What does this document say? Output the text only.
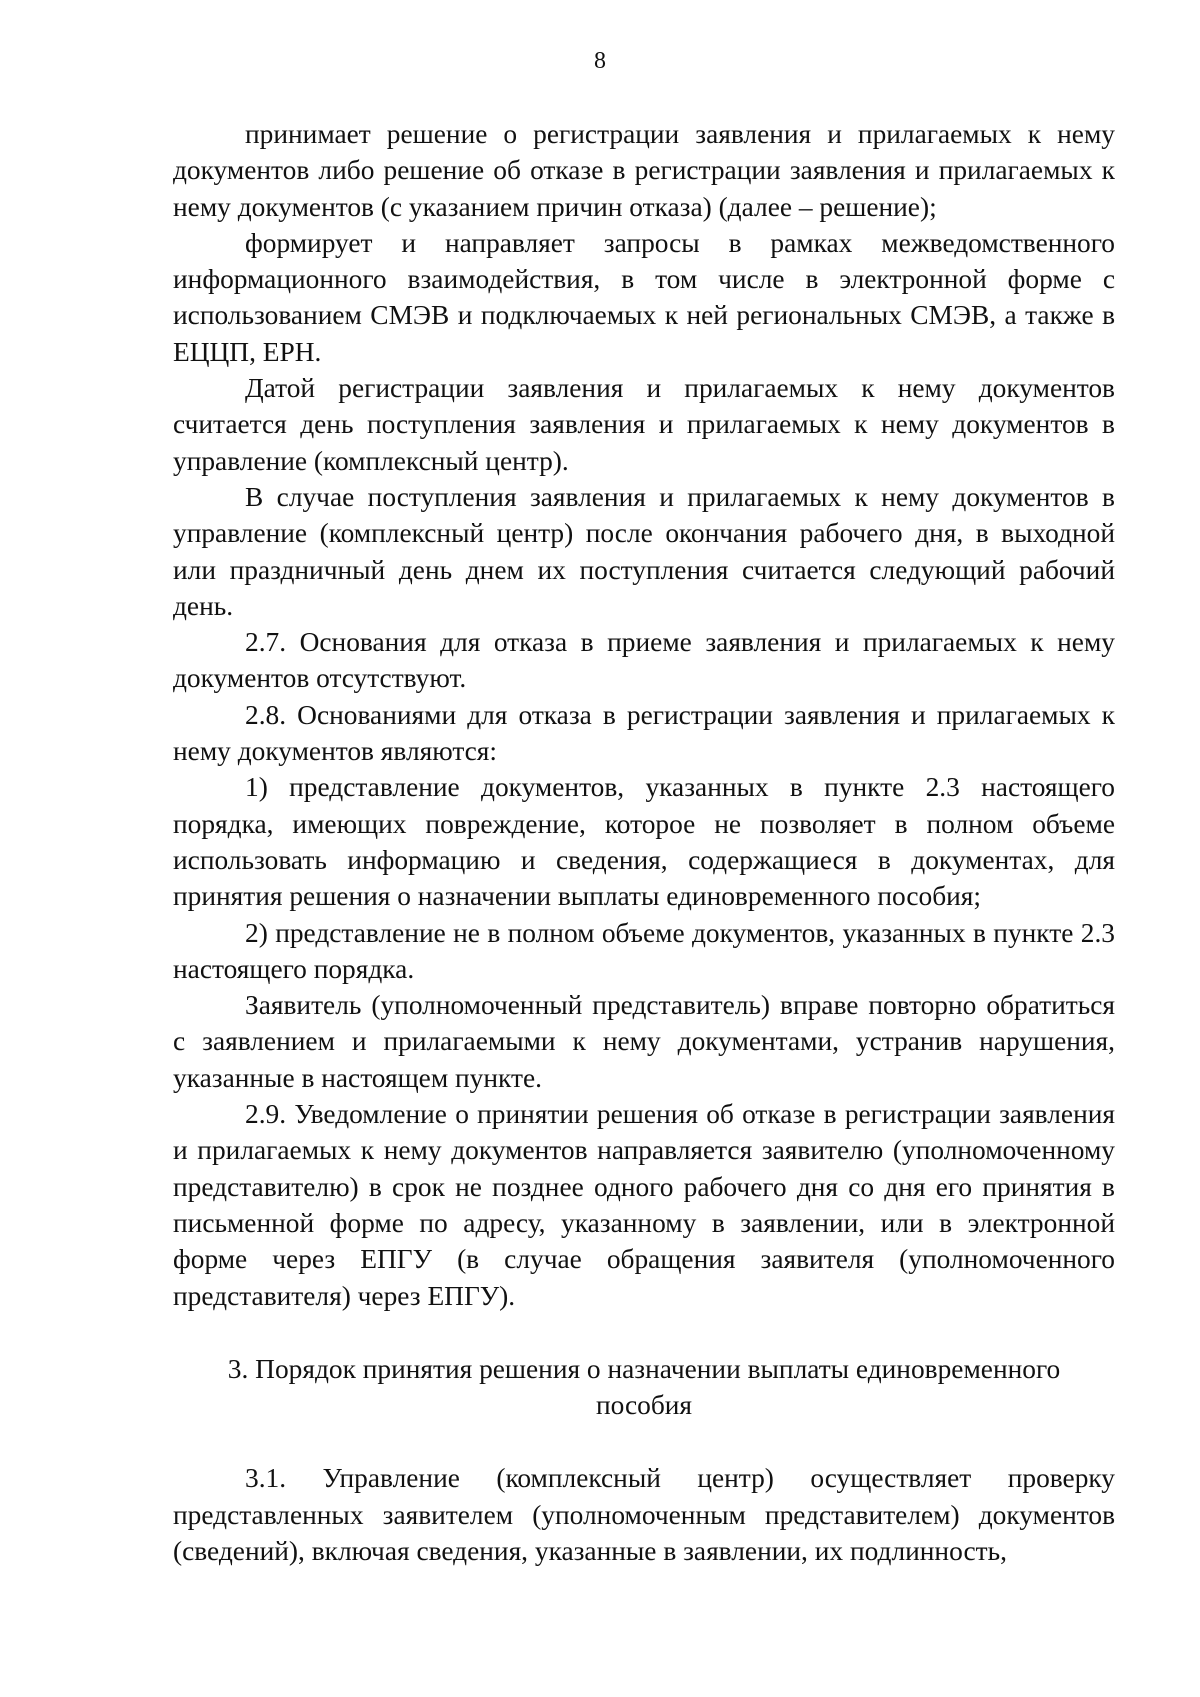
8

принимает решение о регистрации заявления и прилагаемых к нему документов либо решение об отказе в регистрации заявления и прилагаемых к нему документов (с указанием причин отказа) (далее – решение);

формирует и направляет запросы в рамках межведомственного информационного взаимодействия, в том числе в электронной форме с использованием СМЭВ и подключаемых к ней региональных СМЭВ, а также в ЕЦЦП, ЕРН.

Датой регистрации заявления и прилагаемых к нему документов считается день поступления заявления и прилагаемых к нему документов в управление (комплексный центр).

В случае поступления заявления и прилагаемых к нему документов в управление (комплексный центр) после окончания рабочего дня, в выходной или праздничный день днем их поступления считается следующий рабочий день.

2.7. Основания для отказа в приеме заявления и прилагаемых к нему документов отсутствуют.

2.8. Основаниями для отказа в регистрации заявления и прилагаемых к нему документов являются:

1) представление документов, указанных в пункте 2.3 настоящего порядка, имеющих повреждение, которое не позволяет в полном объеме использовать информацию и сведения, содержащиеся в документах, для принятия решения о назначении выплаты единовременного пособия;

2) представление не в полном объеме документов, указанных в пункте 2.3 настоящего порядка.

Заявитель (уполномоченный представитель) вправе повторно обратиться с заявлением и прилагаемыми к нему документами, устранив нарушения, указанные в настоящем пункте.

2.9. Уведомление о принятии решения об отказе в регистрации заявления и прилагаемых к нему документов направляется заявителю (уполномоченному представителю) в срок не позднее одного рабочего дня со дня его принятия в письменной форме по адресу, указанному в заявлении, или в электронной форме через ЕПГУ (в случае обращения заявителя (уполномоченного представителя) через ЕПГУ).

3. Порядок принятия решения о назначении выплаты единовременного пособия

3.1. Управление (комплексный центр) осуществляет проверку представленных заявителем (уполномоченным представителем) документов (сведений), включая сведения, указанные в заявлении, их подлинность,
